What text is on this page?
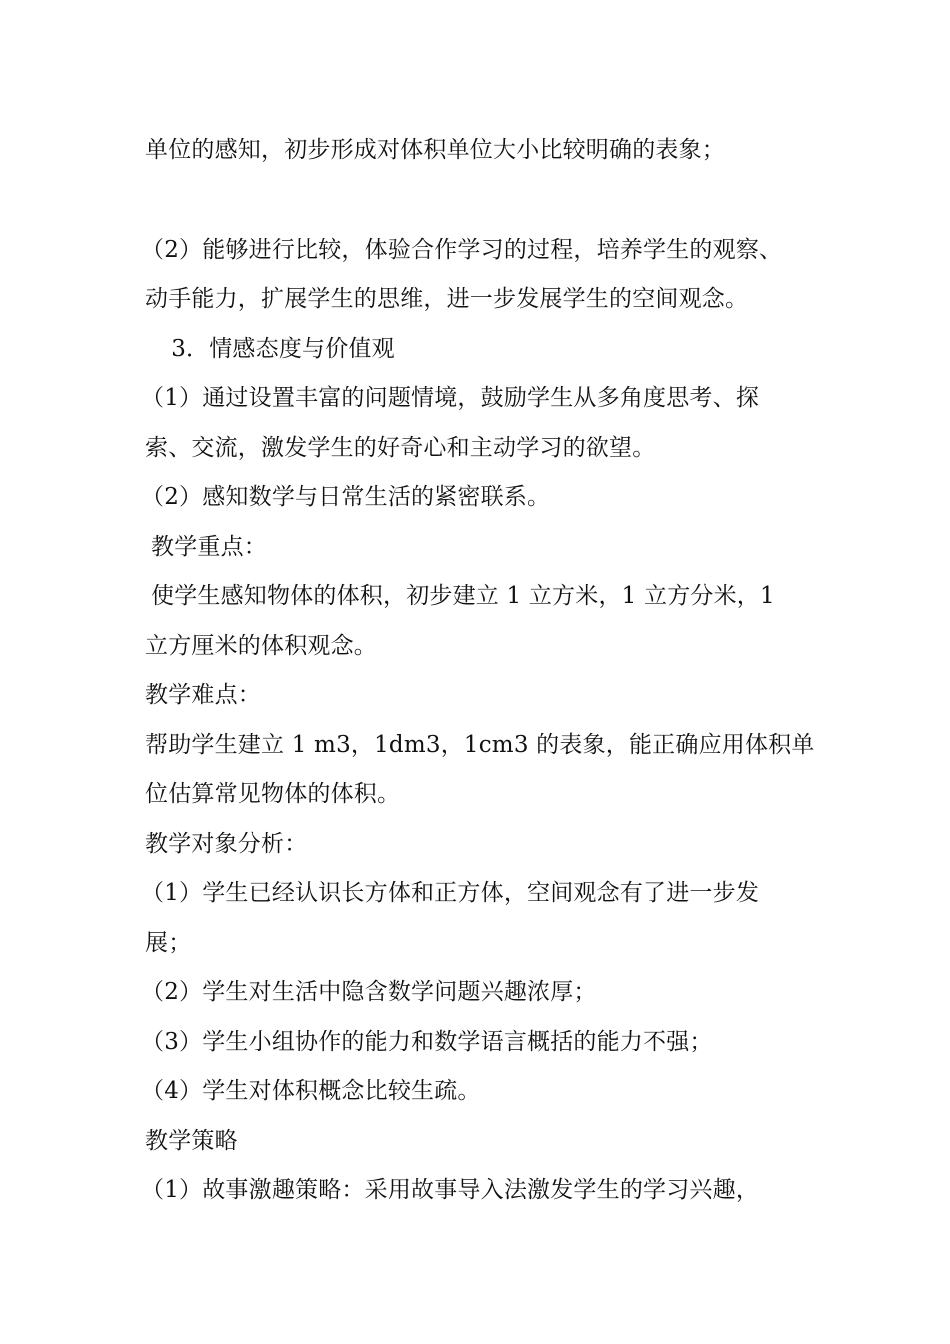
单位的感知，初步形成对体积单位大小比较明确的表象；
（2）能够进行比较，体验合作学习的过程，培养学生的观察、
动手能力，扩展学生的思维，进一步发展学生的空间观念。
　3．情感态度与价值观
（1）通过设置丰富的问题情境，鼓励学生从多角度思考、探
索、交流，激发学生的好奇心和主动学习的欲望。
（2）感知数学与日常生活的紧密联系。
教学重点：
使学生感知物体的体积，初步建立 1 立方米，1 立方分米，1
立方厘米的体积观念。
教学难点：
帮助学生建立 1 m3，1dm3，1cm3 的表象，能正确应用体积单
位估算常见物体的体积。
教学对象分析：
（1）学生已经认识长方体和正方体，空间观念有了进一步发
展；
（2）学生对生活中隐含数学问题兴趣浓厚；
（3）学生小组协作的能力和数学语言概括的能力不强；
（4）学生对体积概念比较生疏。
教学策略
（1）故事激趣策略：采用故事导入法激发学生的学习兴趣，
